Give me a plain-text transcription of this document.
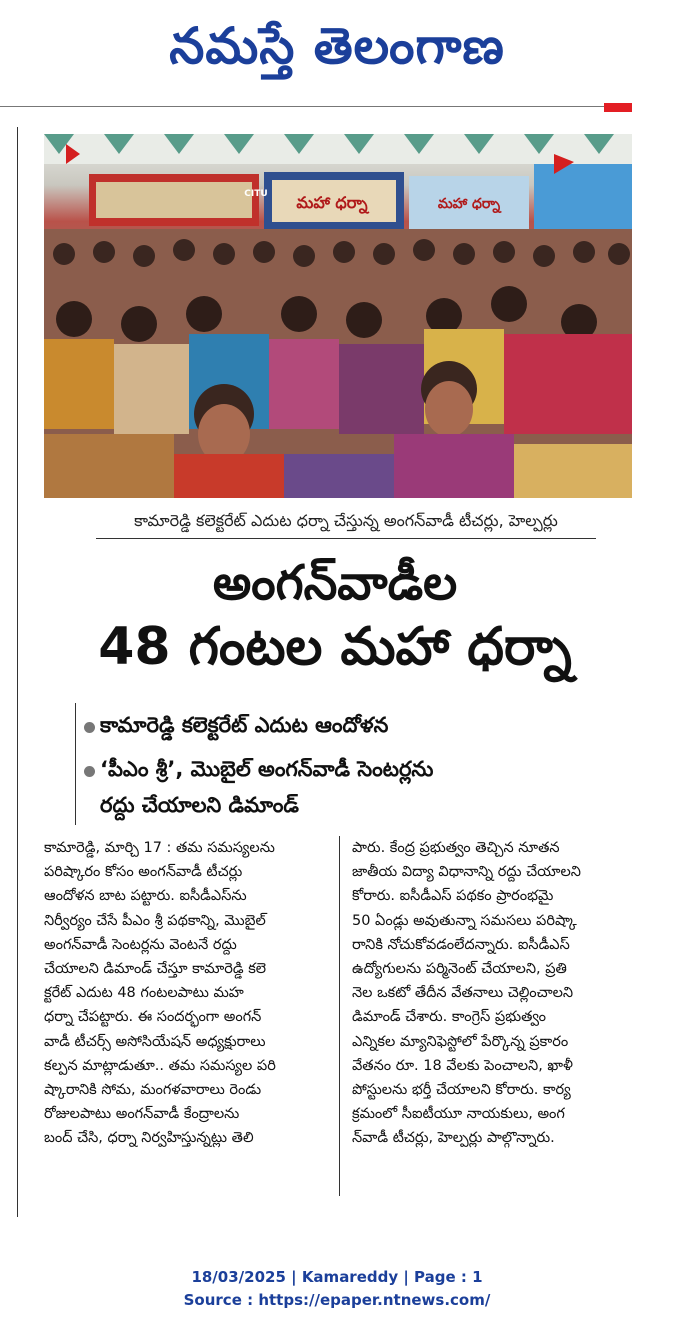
నమస్తే తెలంగాణ
మహా ధర్నా	మహా ధర్నా
CITU
కామారెడ్డి కలెక్టరేట్ ఎదుట ధర్నా చేస్తున్న అంగన్‌వాడీ టీచర్లు, హెల్పర్లు
అంగన్‌వాడీల
48 గంటల మహా ధర్నా
కామారెడ్డి కలెక్టరేట్ ఎదుట ఆందోళన
‘పీఎం శ్రీ’, మొబైల్ అంగన్‌వాడీ సెంటర్లను
రద్దు చేయాలని డిమాండ్

కామారెడ్డి, మార్చి 17 : తమ సమస్యలను

పరిష్కారం కోసం అంగన్‌వాడీ టీచర్లు

ఆందోళన బాట పట్టారు. ఐసీడీఎస్‌ను

నిర్వీర్యం చేసే పీఎం శ్రీ పథకాన్ని, మొబైల్

అంగన్‌వాడీ సెంటర్లను వెంటనే రద్దు

చేయాలని డిమాండ్ చేస్తూ కామారెడ్డి కలె

క్టరేట్ ఎదుట 48 గంటలపాటు మహ

ధర్నా చేపట్టారు. ఈ సందర్భంగా అంగన్

వాడీ టీచర్స్ అసోసియేషన్ అధ్యక్షురాలు

కల్పన మాట్లాడుతూ.. తమ సమస్యల పరి

ష్కారానికి సోమ, మంగళవారాలు రెండు

రోజులపాటు అంగన్‌వాడీ కేంద్రాలను

బంద్ చేసి, ధర్నా నిర్వహిస్తున్నట్లు తెలి

పారు. కేంద్ర ప్రభుత్వం తెచ్చిన నూతన

జాతీయ విద్యా విధానాన్ని రద్దు చేయాలని

కోరారు. ఐసీడీఎస్ పథకం ప్రారంభమై

50 ఏండ్లు అవుతున్నా సమసలు పరిష్కా

రానికి నోచుకోవడంలేదన్నారు. ఐసీడీఎస్

ఉద్యోగులను పర్మినెంట్ చేయాలని, ప్రతి

నెల ఒకటో తేదీన వేతనాలు చెల్లించాలని

డిమాండ్ చేశారు. కాంగ్రెస్ ప్రభుత్వం

ఎన్నికల మ్యానిఫెస్టోలో పేర్కొన్న ప్రకారం

వేతనం రూ. 18 వేలకు పెంచాలని, ఖాళీ

పోస్టులను భర్తీ చేయాలని కోరారు. కార్య

క్రమంలో సీఐటీయూ నాయకులు, అంగ

న్‌వాడీ టీచర్లు, హెల్పర్లు పాల్గొన్నారు.

18/03/2025 | Kamareddy | Page : 1
Source : https://epaper.ntnews.com/
